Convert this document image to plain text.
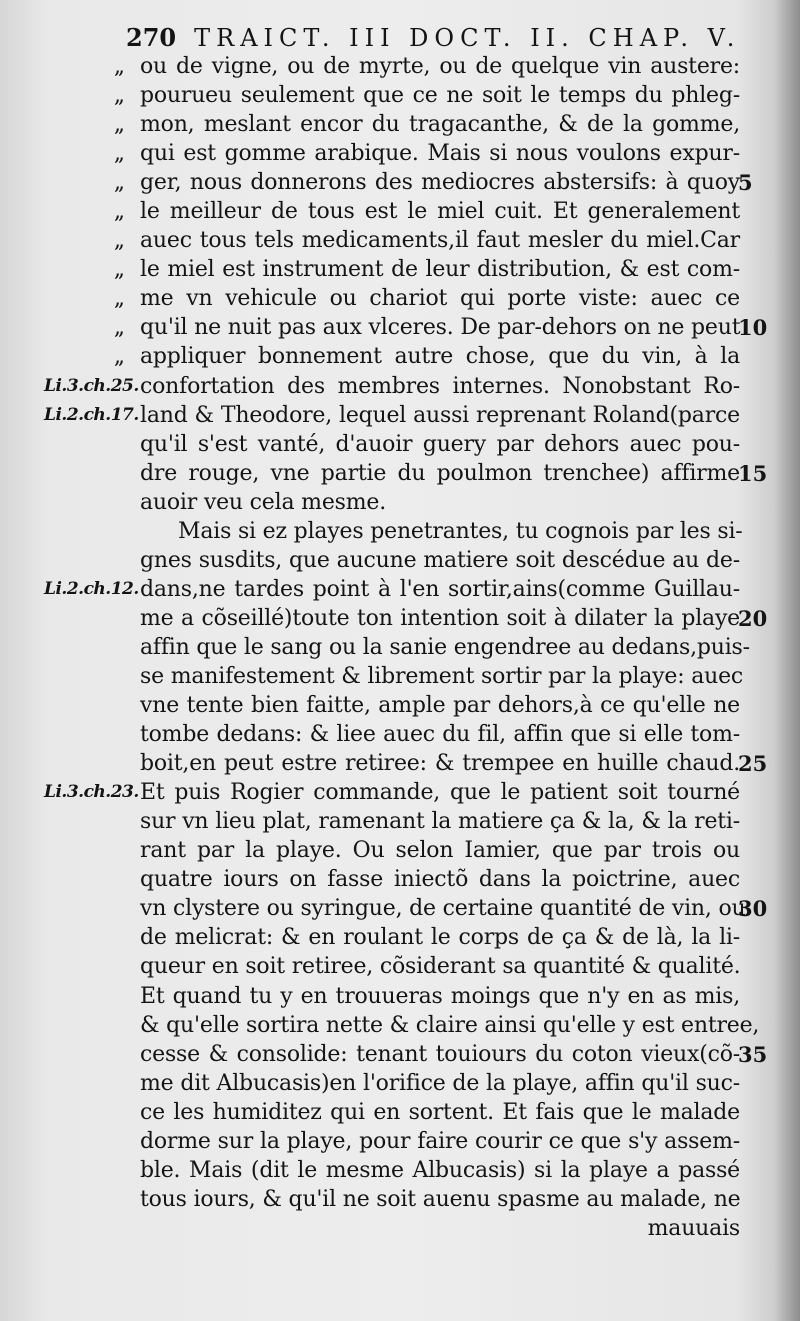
270 TRAICT. III DOCT. II. CHAP. V.
,, ou de vigne, ou de myrte, ou de quelque vin austere:
,, pourueu seulement que ce ne soit le temps du phleg-
,, mon, meslant encor du tragacanthe, & de la gomme,
,, qui est gomme arabique. Mais si nous voulons expur-
,, ger, nous donnerons des mediocres abstersifs: à quoy
5
,, le meilleur de tous est le miel cuit. Et generalement
,, auec tous tels medicaments,il faut mesler du miel.Car
,, le miel est instrument de leur distribution, & est com-
,, me vn vehicule ou chariot qui porte viste: auec ce
,, qu'il ne nuit pas aux vlceres. De par-dehors on ne peut
10
,, appliquer bonnement autre chose, que du vin, à la
Li.3.ch.25. confortation des membres internes. Nonobstant Ro-
Li.2.ch.17. land & Theodore, lequel aussi reprenant Roland(parce
qu'il s'est vanté, d'auoir guery par dehors auec pou-
dre rouge, vne partie du poulmon trenchee) affirme
15
auoir veu cela mesme.
Mais si ez playes penetrantes, tu cognois par les si-
gnes susdits, que aucune matiere soit descédue au de-
Li.2.ch.12. dans,ne tardes point à l'en sortir,ains(comme Guillau-
me a cõseillé)toute ton intention soit à dilater la playe
20
affin que le sang ou la sanie engendree au dedans,puis-
se manifestement & librement sortir par la playe: auec
vne tente bien faitte, ample par dehors,à ce qu'elle ne
tombe dedans: & liee auec du fil, affin que si elle tom-
boit,en peut estre retiree: & trempee en huille chaud.
25
Li.3.ch.23. Et puis Rogier commande, que le patient soit tourné
sur vn lieu plat, ramenant la matiere ça & la, & la reti-
rant par la playe. Ou selon Iamier, que par trois ou
quatre iours on fasse iniectõ dans la poictrine, auec
vn clystere ou syringue, de certaine quantité de vin, ou
30
de melicrat: & en roulant le corps de ça & de là, la li-
queur en soit retiree, cõsiderant sa quantité & qualité.
Et quand tu y en trouueras moings que n'y en as mis,
& qu'elle sortira nette & claire ainsi qu'elle y est entree,
cesse & consolide: tenant touiours du coton vieux(cõ-
35
me dit Albucasis)en l'orifice de la playe, affin qu'il suc-
ce les humiditez qui en sortent. Et fais que le malade
dorme sur la playe, pour faire courir ce que s'y assem-
ble. Mais (dit le mesme Albucasis) si la playe a passé
tous iours, & qu'il ne soit auenu spasme au malade, ne
mauuais
